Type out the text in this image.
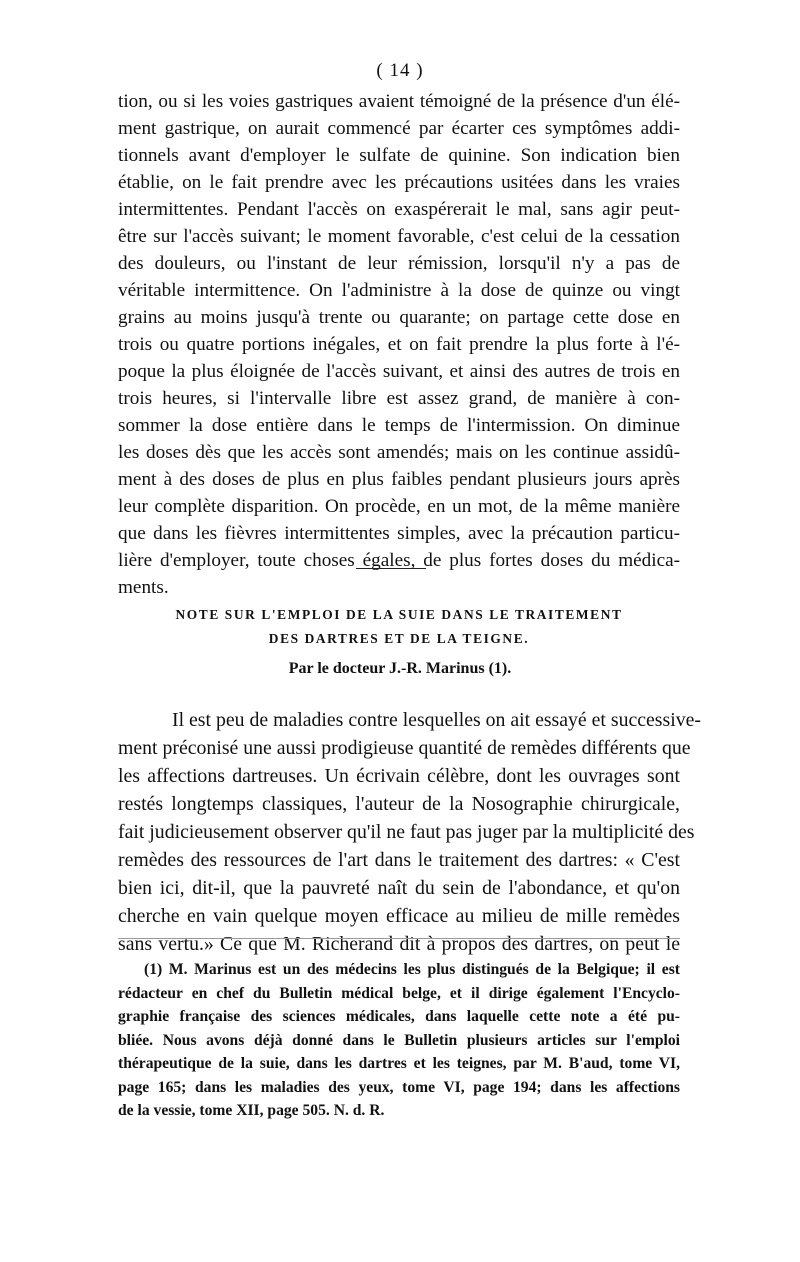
( 14 )
tion, ou si les voies gastriques avaient témoigné de la présence d'un élé-
ment gastrique, on aurait commencé par écarter ces symptômes addi-
tionnels avant d'employer le sulfate de quinine. Son indication bien
établie, on le fait prendre avec les précautions usitées dans les vraies
intermittentes. Pendant l'accès on exaspérerait le mal, sans agir peut-
être sur l'accès suivant; le moment favorable, c'est celui de la cessation
des douleurs, ou l'instant de leur rémission, lorsqu'il n'y a pas de
véritable intermittence. On l'administre à la dose de quinze ou vingt
grains au moins jusqu'à trente ou quarante; on partage cette dose en
trois ou quatre portions inégales, et on fait prendre la plus forte à l'é-
poque la plus éloignée de l'accès suivant, et ainsi des autres de trois en
trois heures, si l'intervalle libre est assez grand, de manière à con-
sommer la dose entière dans le temps de l'intermission. On diminue
les doses dès que les accès sont amendés; mais on les continue assidû-
ment à des doses de plus en plus faibles pendant plusieurs jours après
leur complète disparition. On procède, en un mot, de la même manière
que dans les fièvres intermittentes simples, avec la précaution particu-
lière d'employer, toute choses égales, de plus fortes doses du médica-
ments.
NOTE SUR L'EMPLOI DE LA SUIE DANS LE TRAITEMENT
DES DARTRES ET DE LA TEIGNE.
Par le docteur J.-R. Marinus (1).
Il est peu de maladies contre lesquelles on ait essayé et successive-
ment préconisé une aussi prodigieuse quantité de remèdes différents que
les affections dartreuses. Un écrivain célèbre, dont les ouvrages sont
restés longtemps classiques, l'auteur de la Nosographie chirurgicale,
fait judicieusement observer qu'il ne faut pas juger par la multiplicité des
remèdes des ressources de l'art dans le traitement des dartres: « C'est
bien ici, dit-il, que la pauvreté naît du sein de l'abondance, et qu'on
cherche en vain quelque moyen efficace au milieu de mille remèdes
sans vertu.» Ce que M. Richerand dit à propos des dartres, on peut le
(1) M. Marinus est un des médecins les plus distingués de la Belgique; il est
rédacteur en chef du Bulletin médical belge, et il dirige également l'Encyclo-
graphie française des sciences médicales, dans laquelle cette note a été pu-
bliée. Nous avons déjà donné dans le Bulletin plusieurs articles sur l'emploi
thérapeutique de la suie, dans les dartres et les teignes, par M. B'aud, tome VI,
page 165; dans les maladies des yeux, tome VI, page 194; dans les affections
de la vessie, tome XII, page 505. N. d. R.
